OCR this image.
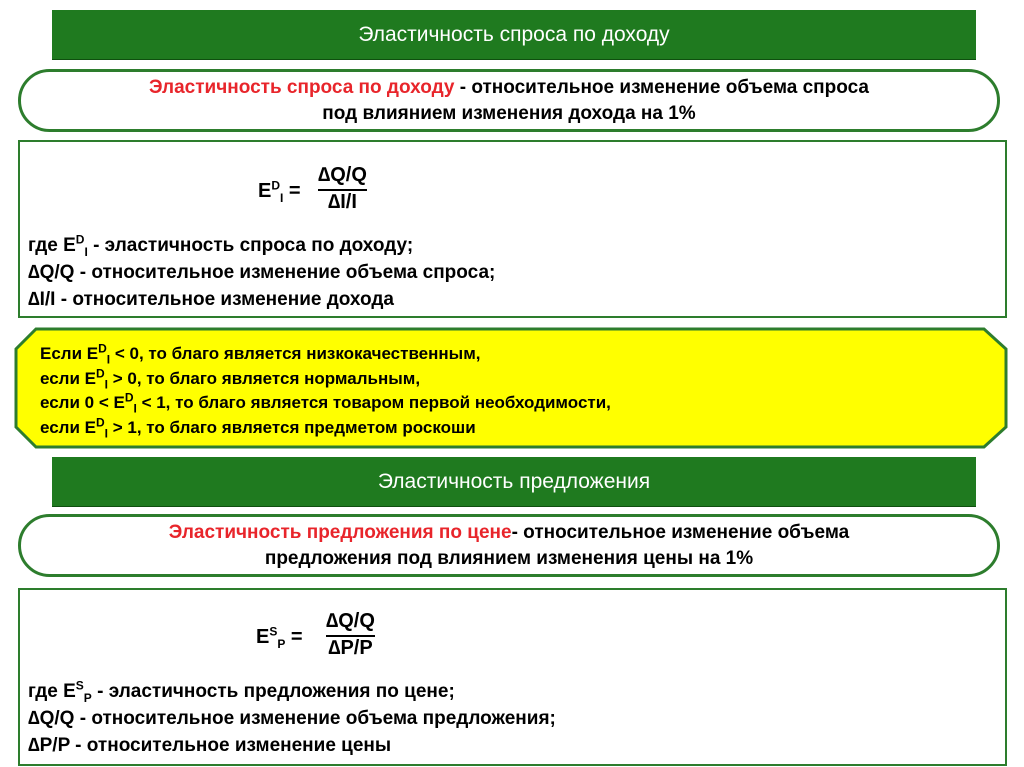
Эластичность спроса по доходу
Эластичность спроса по доходу - относительное изменение объема спроса
под влиянием изменения дохода на 1%
$E^D_I = \frac{\Delta Q/Q}{\Delta I/I}$
где $E^D_I$ - эластичность спроса по доходу;
∆Q/Q - относительное изменение объема спроса;
∆I/I - относительное изменение дохода
Если $E^D_I < 0$, то благо является низкокачественным,
если $E^D_I > 0$, то благо является нормальным,
если $0 < E^D_I < 1$, то благо является товаром первой необходимости,
если $E^D_I > 1$, то благо является предметом роскоши
Эластичность предложения
Эластичность предложения по цене- относительное изменение объема
предложения под влиянием изменения цены на 1%
$E^S_P = \frac{\Delta Q/Q}{\Delta P/P}$
где $E^S_P$ - эластичность предложения по цене;
∆Q/Q - относительное изменение объема предложения;
∆P/P - относительное изменение цены
